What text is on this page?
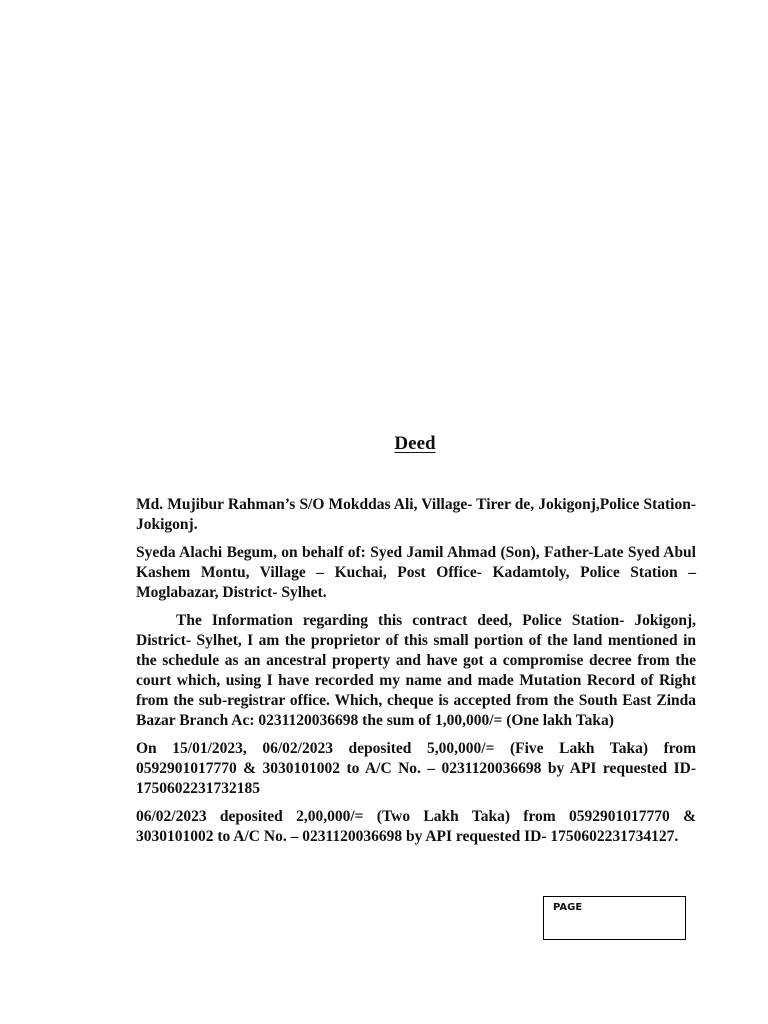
Deed

Md. Mujibur Rahman’s S/O Mokddas Ali, Village- Tirer de, Jokigonj,Police Station- Jokigonj.

Syeda Alachi Begum, on behalf of: Syed Jamil Ahmad (Son), Father-Late Syed Abul Kashem Montu, Village – Kuchai, Post Office- Kadamtoly, Police Station – Moglabazar, District- Sylhet.

The Information regarding this contract deed, Police Station- Jokigonj, District- Sylhet, I am the proprietor of this small portion of the land mentioned in the schedule as an ancestral property and have got a compromise decree from the court which, using I have recorded my name and made Mutation Record of Right from the sub-registrar office. Which, cheque is accepted from the South East Zinda Bazar Branch Ac: 0231120036698 the sum of 1,00,000/= (One lakh Taka)

On 15/01/2023, 06/02/2023 deposited 5,00,000/= (Five Lakh Taka) from 0592901017770 & 3030101002 to A/C No. – 0231120036698 by API requested ID- 1750602231732185

06/02/2023 deposited 2,00,000/= (Two Lakh Taka) from 0592901017770 & 3030101002 to A/C No. – 0231120036698 by API requested ID- 1750602231734127.

PAGE
